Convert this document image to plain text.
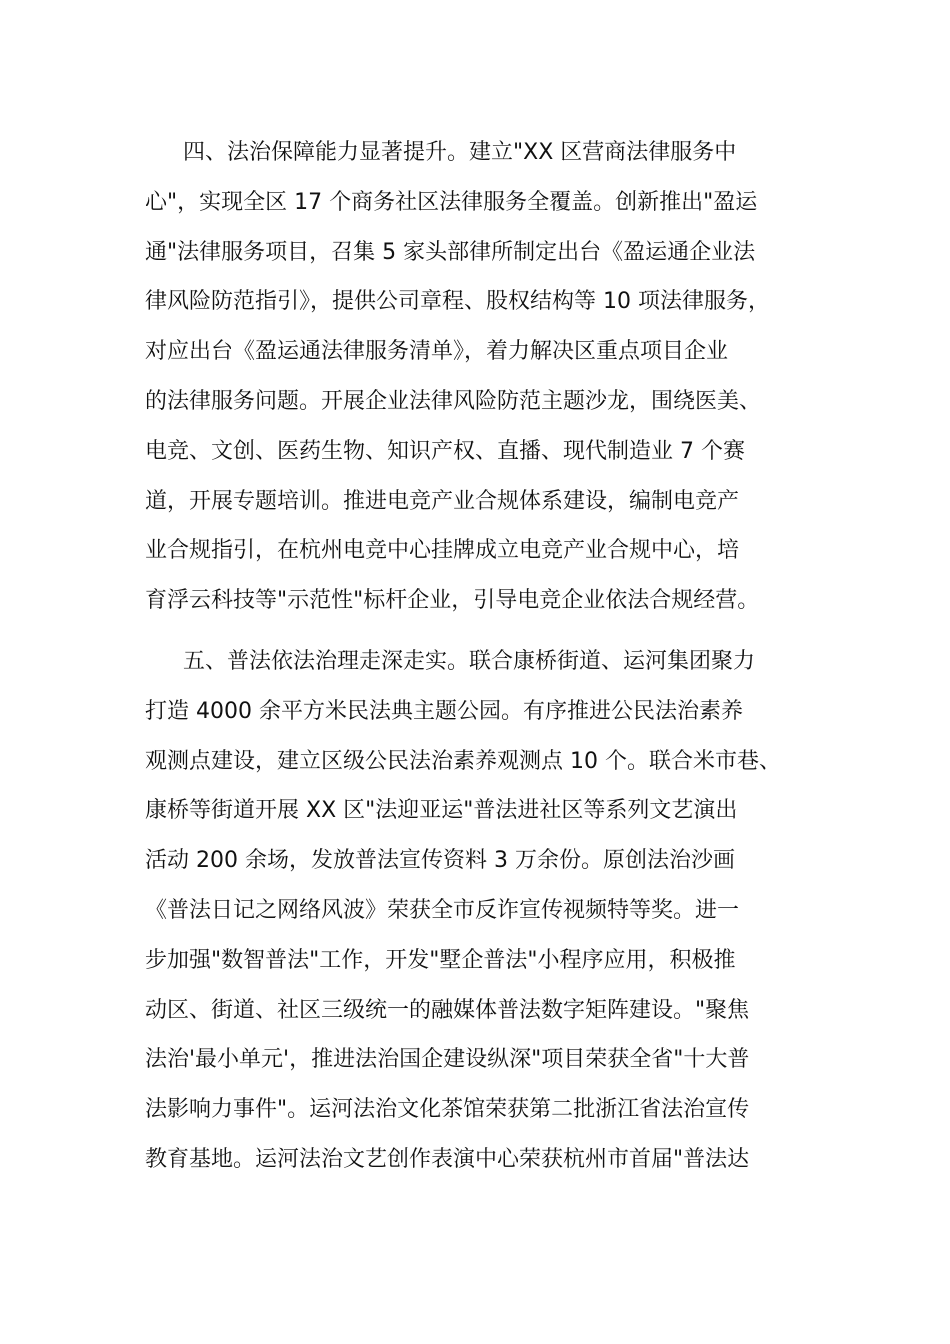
四、法治保障能力显著提升。建立"XX 区营商法律服务中
心"，实现全区 17 个商务社区法律服务全覆盖。创新推出"盈运
通"法律服务项目，召集 5 家头部律所制定出台《盈运通企业法
律风险防范指引》，提供公司章程、股权结构等 10 项法律服务，
对应出台《盈运通法律服务清单》，着力解决区重点项目企业
的法律服务问题。开展企业法律风险防范主题沙龙，围绕医美、
电竞、文创、医药生物、知识产权、直播、现代制造业 7 个赛
道，开展专题培训。推进电竞产业合规体系建设，编制电竞产
业合规指引，在杭州电竞中心挂牌成立电竞产业合规中心，培
育浮云科技等"示范性"标杆企业，引导电竞企业依法合规经营。
五、普法依法治理走深走实。联合康桥街道、运河集团聚力
打造 4000 余平方米民法典主题公园。有序推进公民法治素养
观测点建设，建立区级公民法治素养观测点 10 个。联合米市巷、
康桥等街道开展 XX 区"法迎亚运"普法进社区等系列文艺演出
活动 200 余场，发放普法宣传资料 3 万余份。原创法治沙画
《普法日记之网络风波》荣获全市反诈宣传视频特等奖。进一
步加强"数智普法"工作，开发"墅企普法"小程序应用，积极推
动区、街道、社区三级统一的融媒体普法数字矩阵建设。"聚焦
法治'最小单元'，推进法治国企建设纵深"项目荣获全省"十大普
法影响力事件"。运河法治文化茶馆荣获第二批浙江省法治宣传
教育基地。运河法治文艺创作表演中心荣获杭州市首届"普法达
